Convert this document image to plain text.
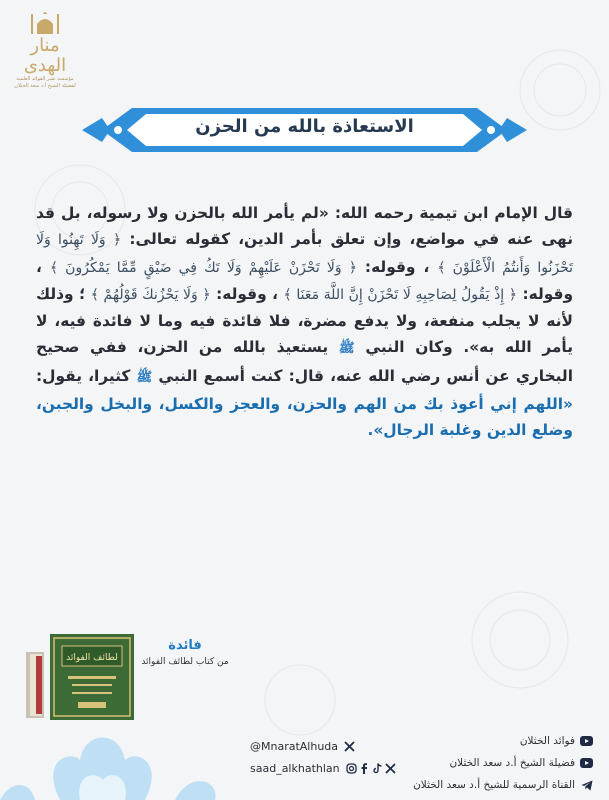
منار الهدى
مؤسسة نشر الفوائد العلمية
لفضيلة الشيخ أ.د سعد الخثلان
الاستعاذة بالله من الحزن
قال الإمام ابن تيمية رحمه الله: «لم يأمر الله بالحزن ولا رسوله، بل قد نهى عنه في مواضع، وإن تعلق بأمر الدين، كقوله تعالى: ﴿ وَلَا تَهِنُوا وَلَا تَحْزَنُوا وَأَنتُمُ الْأَعْلَوْنَ ﴾ ، وقوله: ﴿ وَلَا تَحْزَنْ عَلَيْهِمْ وَلَا تَكُ فِي ضَيْقٍ مِّمَّا يَمْكُرُونَ ﴾ ، وقوله: ﴿ إِذْ يَقُولُ لِصَاحِبِهِ لَا تَحْزَنْ إِنَّ اللَّهَ مَعَنَا ﴾ ، وقوله: ﴿ وَلَا يَحْزُنكَ قَوْلُهُمْ ﴾ ؛ وذلك لأنه لا يجلب منفعة، ولا يدفع مضرة، فلا فائدة فيه وما لا فائدة فيه، لا يأمر الله به». وكان النبي ﷺ يستعيذ بالله من الحزن، ففي صحيح البخاري عن أنس رضي الله عنه، قال: كنت أسمع النبي ﷺ كثيرا، يقول: «اللهم إني أعوذ بك من الهم والحزن، والعجز والكسل، والبخل والجبن، وضلع الدين وغلبة الرجال».
لطائف الفوائد
فائدة
من كتاب لطائف الفوائد
@MnaratAlhuda
saad_alkhathlan
فوائد الخثلان
فضيلة الشيخ أ.د سعد الخثلان
القناة الرسمية للشيخ أ.د سعد الخثلان
